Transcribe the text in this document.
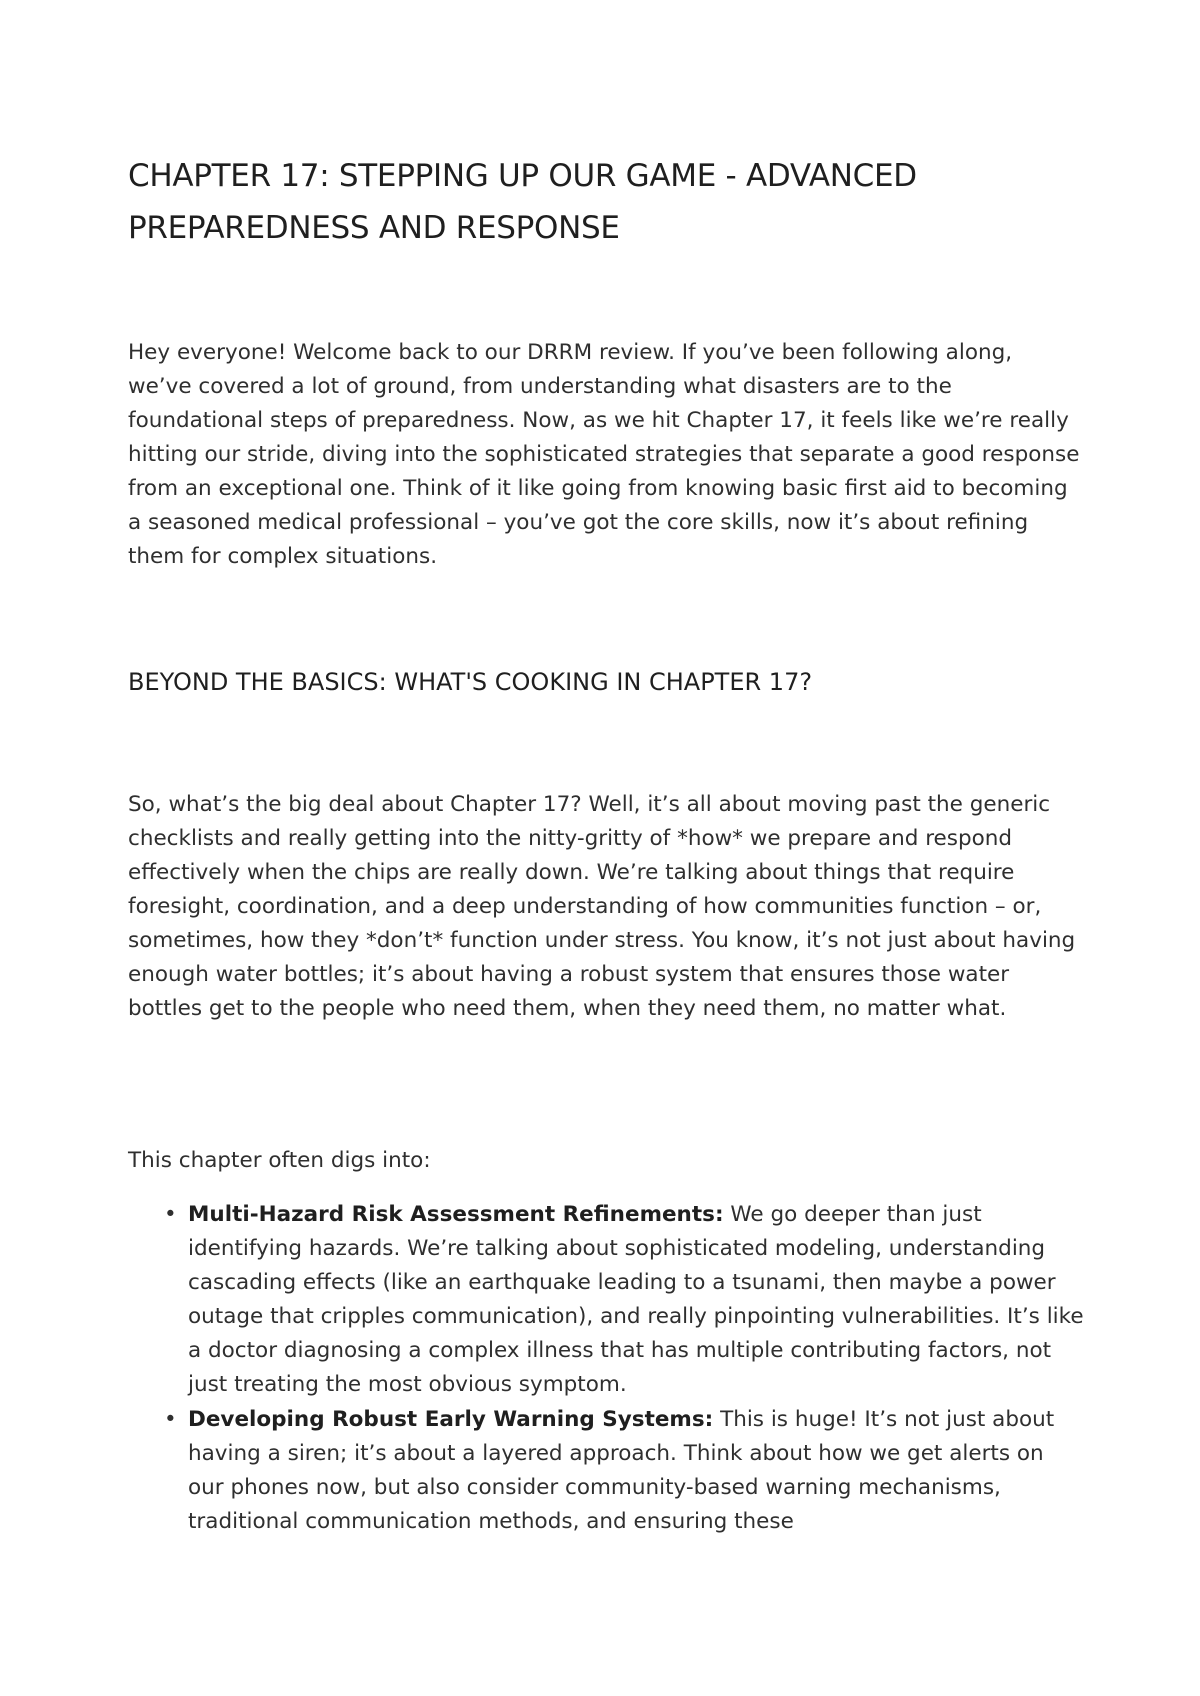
CHAPTER 17: STEPPING UP OUR GAME - ADVANCED PREPAREDNESS AND RESPONSE

Hey everyone! Welcome back to our DRRM review. If you’ve been following along, we’ve covered a lot of ground, from understanding what disasters are to the foundational steps of preparedness. Now, as we hit Chapter 17, it feels like we’re really hitting our stride, diving into the sophisticated strategies that separate a good response from an exceptional one. Think of it like going from knowing basic first aid to becoming a seasoned medical professional – you’ve got the core skills, now it’s about refining them for complex situations.

BEYOND THE BASICS: WHAT'S COOKING IN CHAPTER 17?

So, what’s the big deal about Chapter 17? Well, it’s all about moving past the generic checklists and really getting into the nitty-gritty of *how* we prepare and respond effectively when the chips are really down. We’re talking about things that require foresight, coordination, and a deep understanding of how communities function – or, sometimes, how they *don’t* function under stress. You know, it’s not just about having enough water bottles; it’s about having a robust system that ensures those water bottles get to the people who need them, when they need them, no matter what.

This chapter often digs into:

• Multi-Hazard Risk Assessment Refinements: We go deeper than just identifying hazards. We’re talking about sophisticated modeling, understanding cascading effects (like an earthquake leading to a tsunami, then maybe a power outage that cripples communication), and really pinpointing vulnerabilities. It’s like a doctor diagnosing a complex illness that has multiple contributing factors, not just treating the most obvious symptom.
• Developing Robust Early Warning Systems: This is huge! It’s not just about having a siren; it’s about a layered approach. Think about how we get alerts on our phones now, but also consider community-based warning mechanisms, traditional communication methods, and ensuring these
